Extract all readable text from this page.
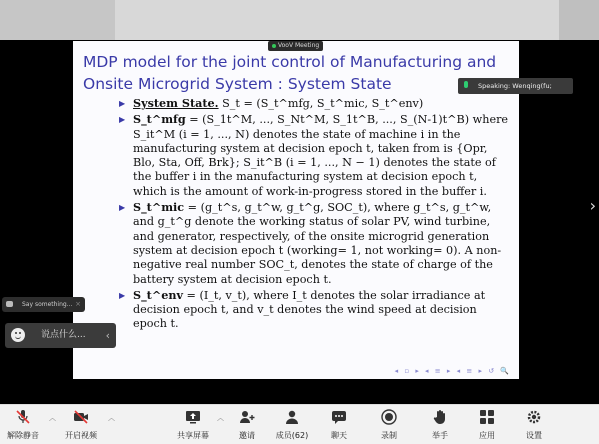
MDP model for the joint control of Manufacturing and
Onsite Microgrid System : System State
▶ System State. S_t = (S_t^mfg, S_t^mic, S_t^env)
▶ S_t^mfg = (S_1t^M, ..., S_Nt^M, S_1t^B, ..., S_(N-1)t^B) where S_it^M (i = 1, ..., N) denotes the state of machine i in the manufacturing system at decision epoch t, taken from is {Opr, Blo, Sta, Off, Brk}; S_it^B (i = 1, ..., N − 1) denotes the state of the buffer i in the manufacturing system at decision epoch t, which is the amount of work-in-progress stored in the buffer i.
▶ S_t^mic = (g_t^s, g_t^w, g_t^g, SOC_t), where g_t^s, g_t^w, and g_t^g denote the working status of solar PV, wind turbine, and generator, respectively, of the onsite microgrid generation system at decision epoch t (working= 1, not working= 0). A non-negative real number SOC_t, denotes the state of charge of the battery system at decision epoch t.
▶ S_t^env = (I_t, v_t), where I_t denotes the solar irradiance at decision epoch t, and v_t denotes the wind speed at decision epoch t.
◂ ▫ ▸ ◂ ≡ ▸ ◂ ≡ ▸ ↺ 🔍
VooV Meeting
Speaking: Wenqing(fu;
Say something... ×
说点什么... ‹
›
解除静音
︿
开启视频
︿
共享屏幕
︿
邀请	成员(62)	聊天	录制	举手	应用	设置
